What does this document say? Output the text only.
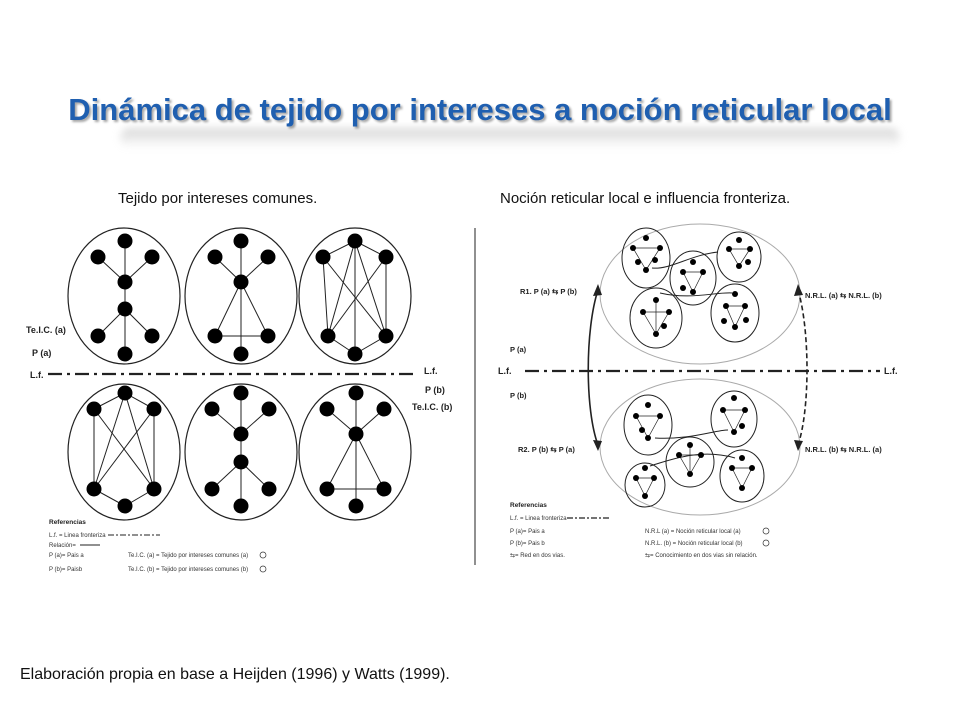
Dinámica de tejido por intereses a noción reticular local
Tejido por intereses comunes.	Noción reticular local e influencia fronteriza.
Te.I.C. (a)
P (a)
L.f.	L.f.
P (b)
Te.I.C. (b)
Referencias
L.f. = Linea fronteriza
Relación=
P (a)= Pais a	Te.I.C. (a) = Tejido por intereses comunes (a)
P (b)= Paisb	Te.I.C. (b) = Tejido por intereses comunes (b)
R1. P (a) ⇆ P (b)	N.R.L. (a) ⇆ N.R.L. (b)
P (a)
L.f.	L.f.
P (b)
R2. P (b) ⇆ P (a)	N.R.L. (b) ⇆ N.R.L. (a)
Referencias
L.f. = Linea fronteriza
P (a)= Pais a	N.R.L (a) = Noción reticular local (a)
P (b)= Pais b	N.R.L. (b) = Noción reticular local (b)
⇆= Red en dos vias.	⇆= Conocimiento en dos vias sin relación.
Elaboración propia en base a Heijden (1996) y Watts (1999).
